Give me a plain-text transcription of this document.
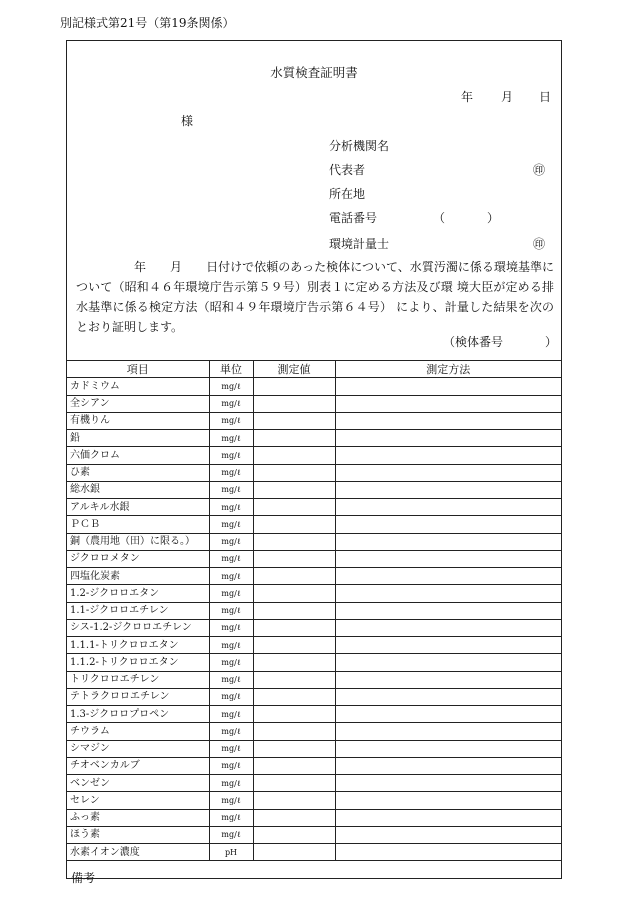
別記様式第21号（第19条関係）
水質検査証明書
年 月 日
様
分析機関名
代表者	㊞
所在地
電話番号	（	）
環境計量士	㊞

年　　月　　日付けで依頼のあった検体について、水質汚濁に係る環境基準について（昭和４６年環境庁告示第５９号）別表１に定める方法及び環 境大臣が定める排水基準に係る検定方法（昭和４９年環境庁告示第６４号） により、計量した結果を次のとおり証明します。

（検体番号	）
項目	単位	測定値	測定方法
カドミウム	mg/ℓ		
全シアン	mg/ℓ		
有機りん	mg/ℓ		
鉛	mg/ℓ		
六価クロム	mg/ℓ		
ひ素	mg/ℓ		
総水銀	mg/ℓ		
アルキル水銀	mg/ℓ		
ＰＣＢ	mg/ℓ		
銅（農用地（田）に限る。）	mg/ℓ		
ジクロロメタン	mg/ℓ		
四塩化炭素	mg/ℓ		
1.2-ジクロロエタン	mg/ℓ		
1.1-ジクロロエチレン	mg/ℓ		
シス-1.2-ジクロロエチレン	mg/ℓ		
1.1.1-トリクロロエタン	mg/ℓ		
1.1.2-トリクロロエタン	mg/ℓ		
トリクロロエチレン	mg/ℓ		
テトラクロロエチレン	mg/ℓ		
1.3-ジクロロプロペン	mg/ℓ		
チウラム	mg/ℓ		
シマジン	mg/ℓ		
チオベンカルブ	mg/ℓ		
ベンゼン	mg/ℓ		
セレン	mg/ℓ		
ふっ素	mg/ℓ		
ほう素	mg/ℓ		
水素イオン濃度	pH		
備考
